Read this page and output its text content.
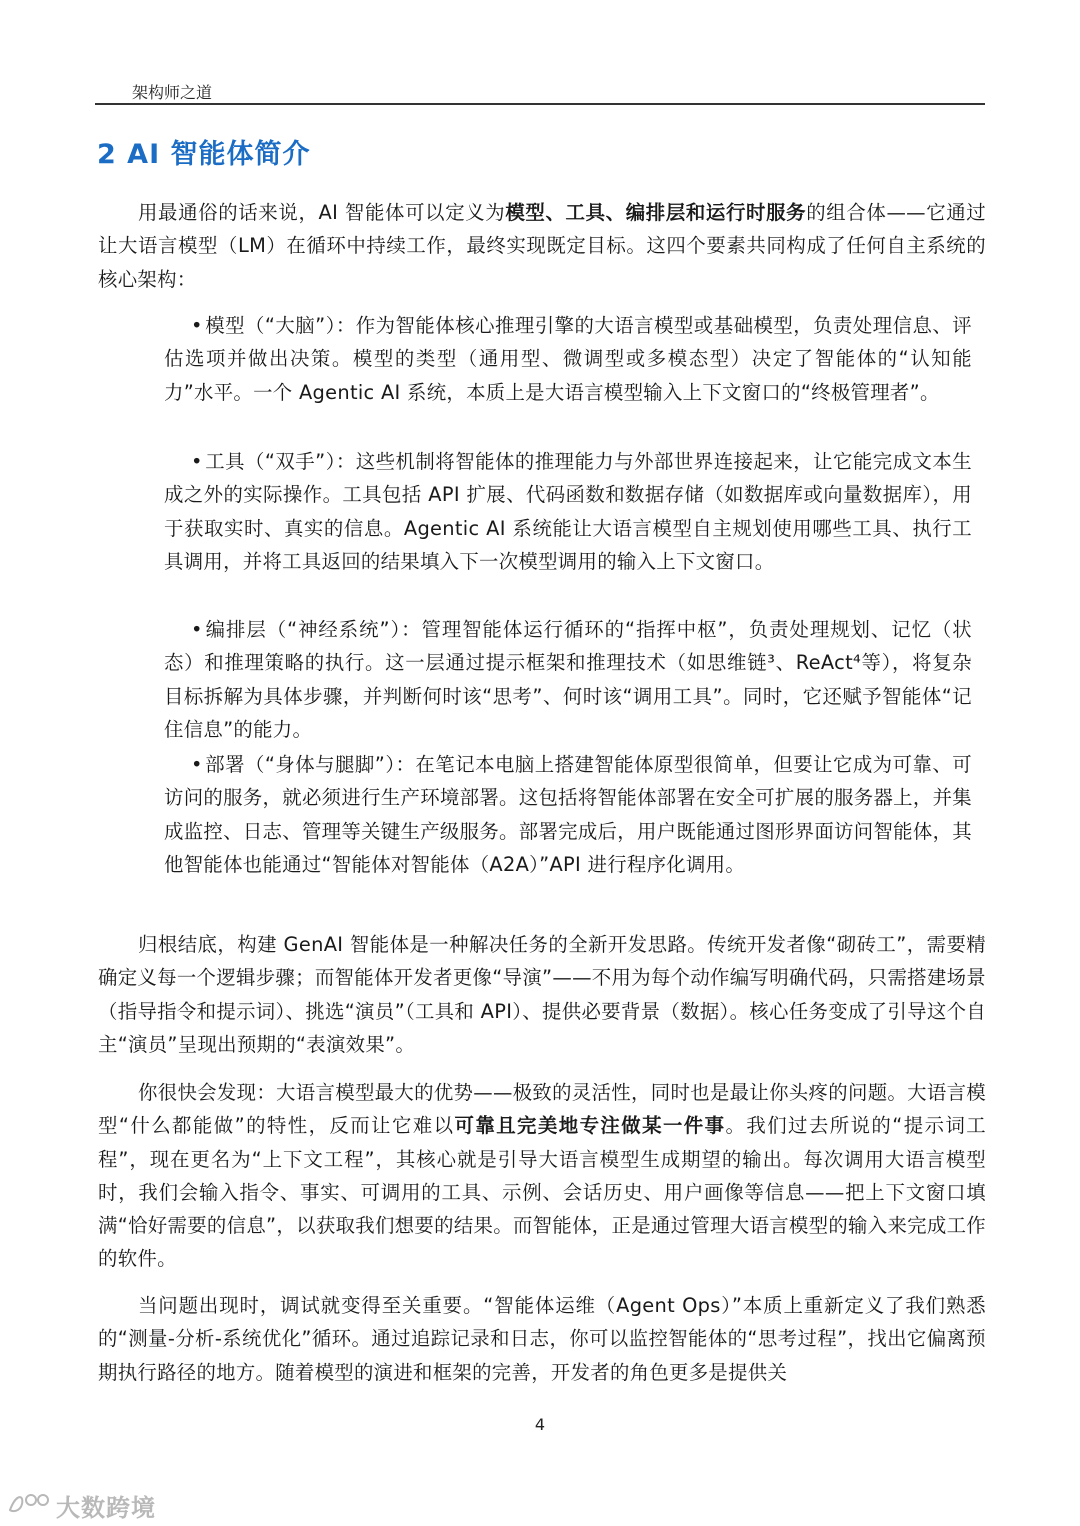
架构师之道
2 AI 智能体简介

用最通俗的话来说，AI 智能体可以定义为模型、工具、编排层和运行时服务的组合体——它通过让大语言模型（LM）在循环中持续工作，最终实现既定目标。这四个要素共同构成了任何自主系统的核心架构：

• 模型（“大脑”）：作为智能体核心推理引擎的大语言模型或基础模型，负责处理信息、评估选项并做出决策。模型的类型（通用型、微调型或多模态型）决定了智能体的“认知能力”水平。一个 Agentic AI 系统，本质上是大语言模型输入上下文窗口的“终极管理者”。

• 工具（“双手”）：这些机制将智能体的推理能力与外部世界连接起来，让它能完成文本生成之外的实际操作。工具包括 API 扩展、代码函数和数据存储（如数据库或向量数据库），用于获取实时、真实的信息。Agentic AI 系统能让大语言模型自主规划使用哪些工具、执行工具调用，并将工具返回的结果填入下一次模型调用的输入上下文窗口。

• 编排层（“神经系统”）：管理智能体运行循环的“指挥中枢”，负责处理规划、记忆（状态）和推理策略的执行。这一层通过提示框架和推理技术（如思维链³、ReAct⁴等），将复杂目标拆解为具体步骤，并判断何时该“思考”、何时该“调用工具”。同时，它还赋予智能体“记住信息”的能力。

• 部署（“身体与腿脚”）：在笔记本电脑上搭建智能体原型很简单，但要让它成为可靠、可访问的服务，就必须进行生产环境部署。这包括将智能体部署在安全可扩展的服务器上，并集成监控、日志、管理等关键生产级服务。部署完成后，用户既能通过图形界面访问智能体，其他智能体也能通过“智能体对智能体（A2A）”API 进行程序化调用。

归根结底，构建 GenAI 智能体是一种解决任务的全新开发思路。传统开发者像“砌砖工”，需要精确定义每一个逻辑步骤；而智能体开发者更像“导演”——不用为每个动作编写明确代码，只需搭建场景（指导指令和提示词）、挑选“演员”（工具和 API）、提供必要背景（数据）。核心任务变成了引导这个自主“演员”呈现出预期的“表演效果”。

你很快会发现：大语言模型最大的优势——极致的灵活性，同时也是最让你头疼的问题。大语言模型“什么都能做”的特性，反而让它难以可靠且完美地专注做某一件事。我们过去所说的“提示词工程”，现在更名为“上下文工程”，其核心就是引导大语言模型生成期望的输出。每次调用大语言模型时，我们会输入指令、事实、可调用的工具、示例、会话历史、用户画像等信息——把上下文窗口填满“恰好需要的信息”，以获取我们想要的结果。而智能体，正是通过管理大语言模型的输入来完成工作的软件。

当问题出现时，调试就变得至关重要。“智能体运维（Agent Ops）”本质上重新定义了我们熟悉的“测量-分析-系统优化”循环。通过追踪记录和日志，你可以监控智能体的“思考过程”，找出它偏离预期执行路径的地方。随着模型的演进和框架的完善，开发者的角色更多是提供关

4
大数跨境
